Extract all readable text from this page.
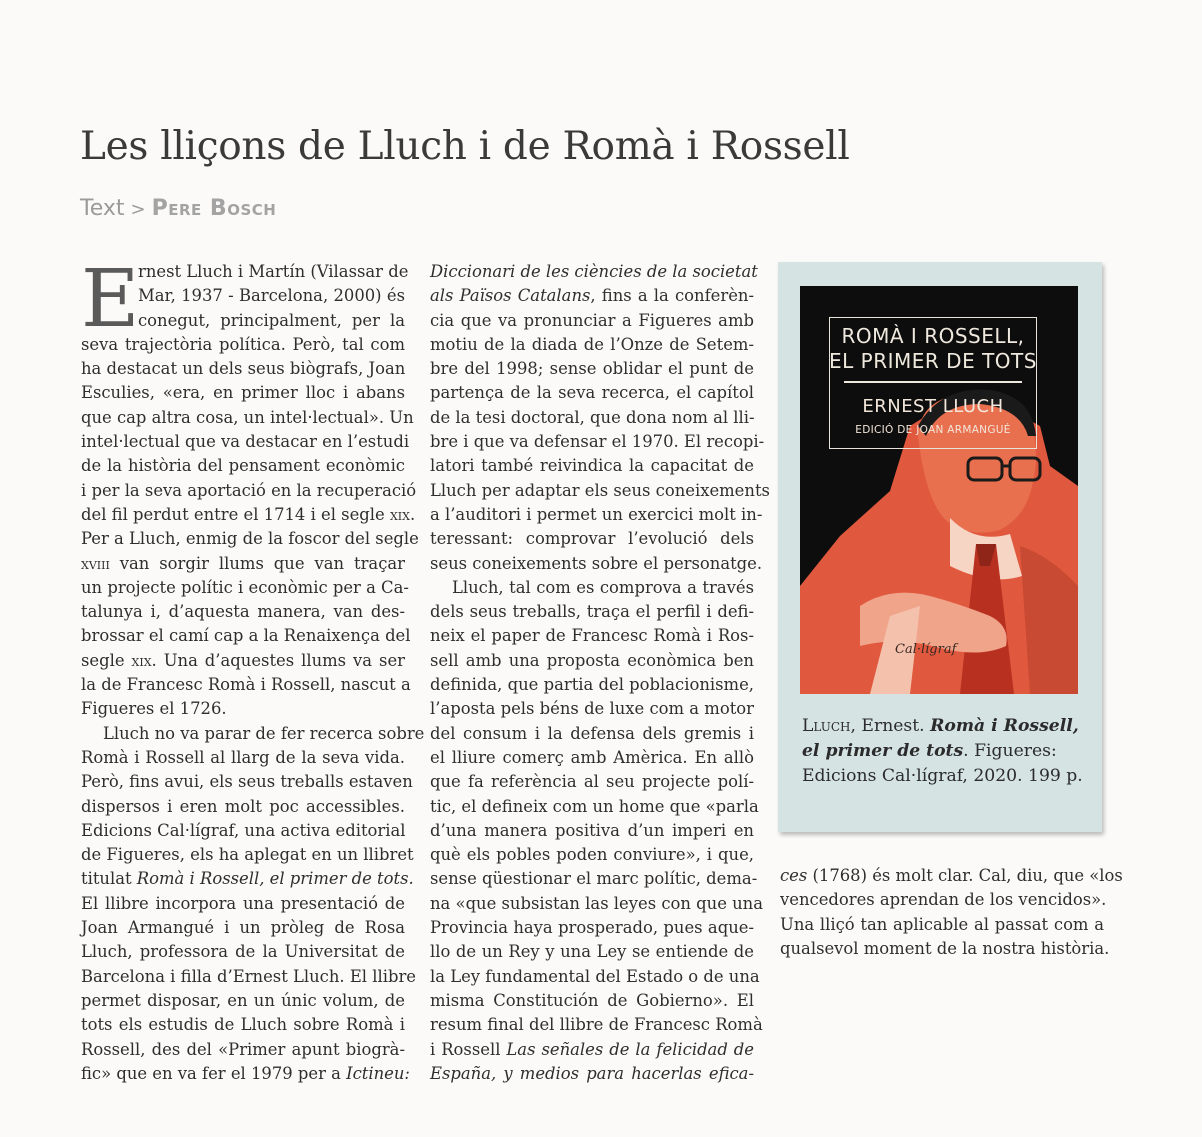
Les lliçons de Lluch i de Romà i Rossell
Text > Pere Bosch
E
rnest Lluch i Martín (Vilassar de
Mar, 1937 - Barcelona, 2000) és
conegut, principalment, per la
seva trajectòria política. Però, tal com
ha destacat un dels seus biògrafs, Joan
Esculies, «era, en primer lloc i abans
que cap altra cosa, un intel·lectual». Un
intel·lectual que va destacar en l’estudi
de la història del pensament econòmic
i per la seva aportació en la recuperació
del fil perdut entre el 1714 i el segle xix.
Per a Lluch, enmig de la foscor del segle
xviii van sorgir llums que van traçar
un projecte polític i econòmic per a Ca-
talunya i, d’aquesta manera, van des-
brossar el camí cap a la Renaixença del
segle xix. Una d’aquestes llums va ser
la de Francesc Romà i Rossell, nascut a
Figueres el 1726.
Lluch no va parar de fer recerca sobre
Romà i Rossell al llarg de la seva vida.
Però, fins avui, els seus treballs estaven
dispersos i eren molt poc accessibles.
Edicions Cal·lígraf, una activa editorial
de Figueres, els ha aplegat en un llibret
titulat Romà i Rossell, el primer de tots.
El llibre incorpora una presentació de
Joan Armangué i un pròleg de Rosa
Lluch, professora de la Universitat de
Barcelona i filla d’Ernest Lluch. El llibre
permet disposar, en un únic volum, de
tots els estudis de Lluch sobre Romà i
Rossell, des del «Primer apunt biogrà-
fic» que en va fer el 1979 per a Ictineu:
Diccionari de les ciències de la societat
als Països Catalans, fins a la conferèn-
cia que va pronunciar a Figueres amb
motiu de la diada de l’Onze de Setem-
bre del 1998; sense oblidar el punt de
partença de la seva recerca, el capítol
de la tesi doctoral, que dona nom al lli-
bre i que va defensar el 1970. El recopi-
latori també reivindica la capacitat de
Lluch per adaptar els seus coneixements
a l’auditori i permet un exercici molt in-
teressant: comprovar l’evolució dels
seus coneixements sobre el personatge.
Lluch, tal com es comprova a través
dels seus treballs, traça el perfil i defi-
neix el paper de Francesc Romà i Ros-
sell amb una proposta econòmica ben
definida, que partia del poblacionisme,
l’aposta pels béns de luxe com a motor
del consum i la defensa dels gremis i
el lliure comerç amb Amèrica. En allò
que fa referència al seu projecte polí-
tic, el defineix com un home que «parla
d’una manera positiva d’un imperi en
què els pobles poden conviure», i que,
sense qüestionar el marc polític, dema-
na «que subsistan las leyes con que una
Provincia haya prosperado, pues aque-
llo de un Rey y una Ley se entiende de
la Ley fundamental del Estado o de una
misma Constitución de Gobierno». El
resum final del llibre de Francesc Romà
i Rossell Las señales de la felicidad de
España, y medios para hacerlas efica-
ROMÀ I ROSSELL,
EL PRIMER DE TOTS
ERNEST LLUCH
EDICIÓ DE JOAN ARMANGUÉ
Cal·lígraf
Lluch, Ernest. Romà i Rossell, el primer de tots. Figueres: Edicions Cal·lígraf, 2020. 199 p.
ces (1768) és molt clar. Cal, diu, que «los
vencedores aprendan de los vencidos».
Una lliçó tan aplicable al passat com a
qualsevol moment de la nostra història.
